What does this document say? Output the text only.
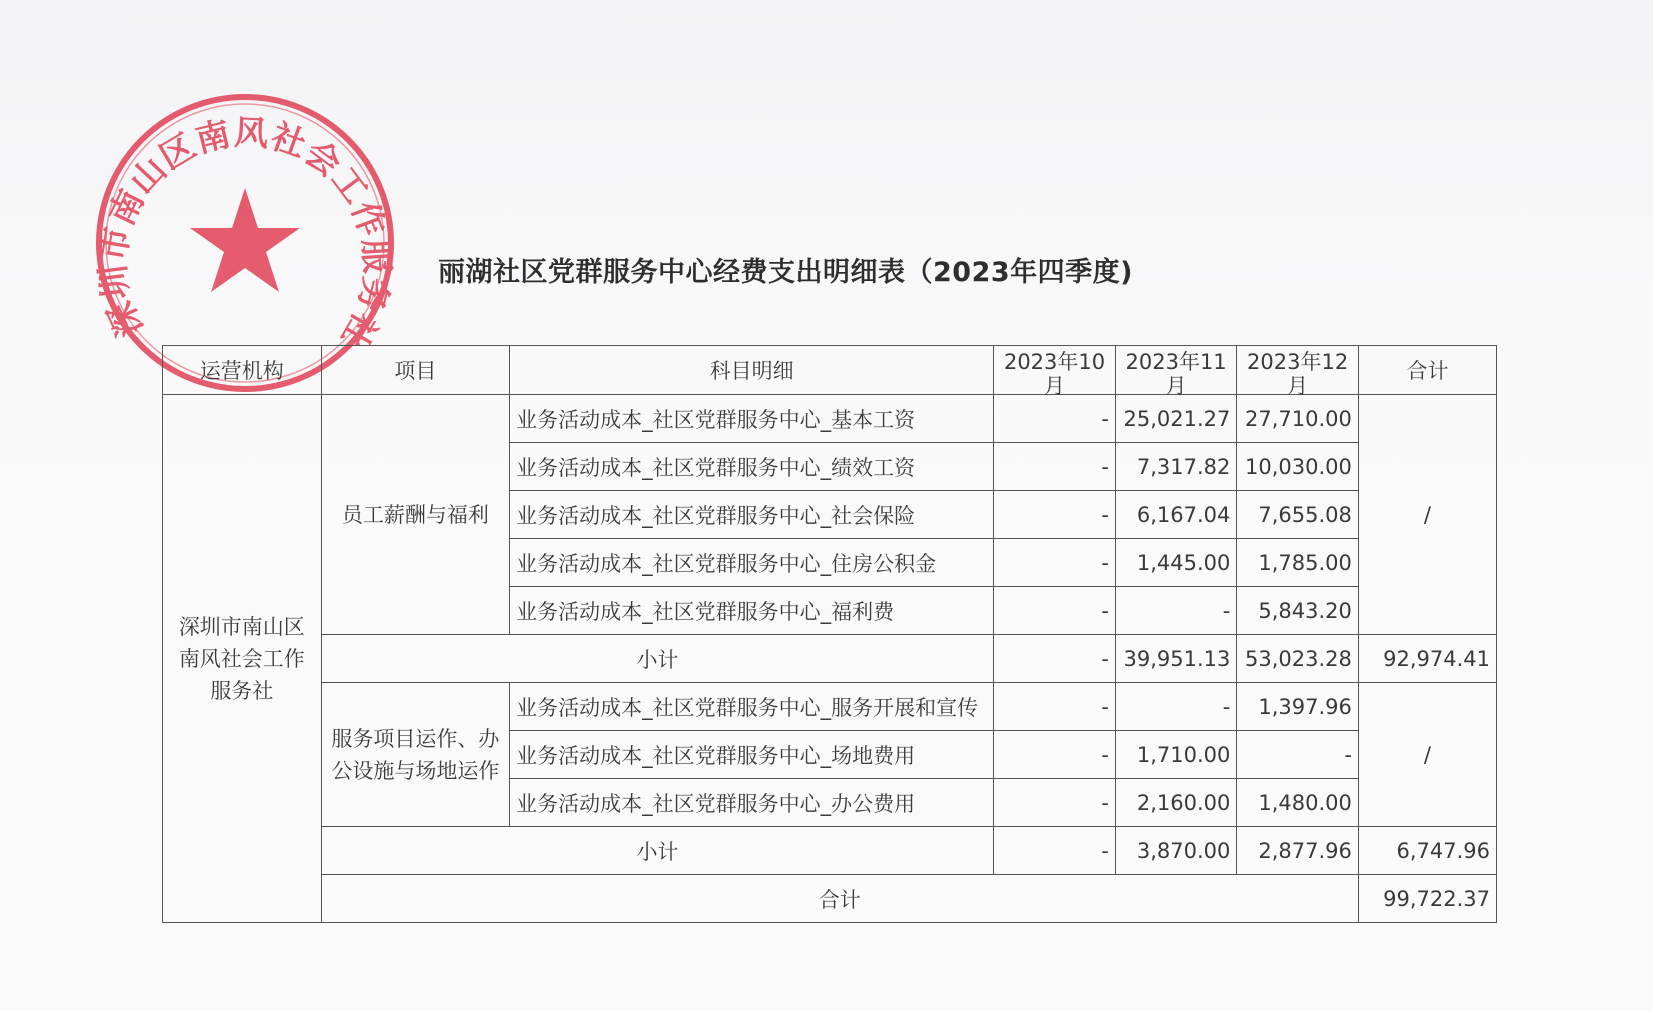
深圳市南山区南风社会工作服务社
丽湖社区党群服务中心经费支出明细表（2023年四季度)
运营机构	项目	科目明细	2023年10月	2023年11月	2023年12月	合计
深圳市南山区南风社会工作服务社	员工薪酬与福利	业务活动成本_社区党群服务中心_基本工资	-	25,021.27	27,710.00	/
		业务活动成本_社区党群服务中心_绩效工资	-	7,317.82	10,030.00	
		业务活动成本_社区党群服务中心_社会保险	-	6,167.04	7,655.08	
		业务活动成本_社区党群服务中心_住房公积金	-	1,445.00	1,785.00	
		业务活动成本_社区党群服务中心_福利费	-	-	5,843.20	
	小计		-	39,951.13	53,023.28	92,974.41
	服务项目运作、办公设施与场地运作	业务活动成本_社区党群服务中心_服务开展和宣传	-	-	1,397.96	/
		业务活动成本_社区党群服务中心_场地费用	-	1,710.00	-	
		业务活动成本_社区党群服务中心_办公费用	-	2,160.00	1,480.00	
	小计		-	3,870.00	2,877.96	6,747.96
	合计					99,722.37
